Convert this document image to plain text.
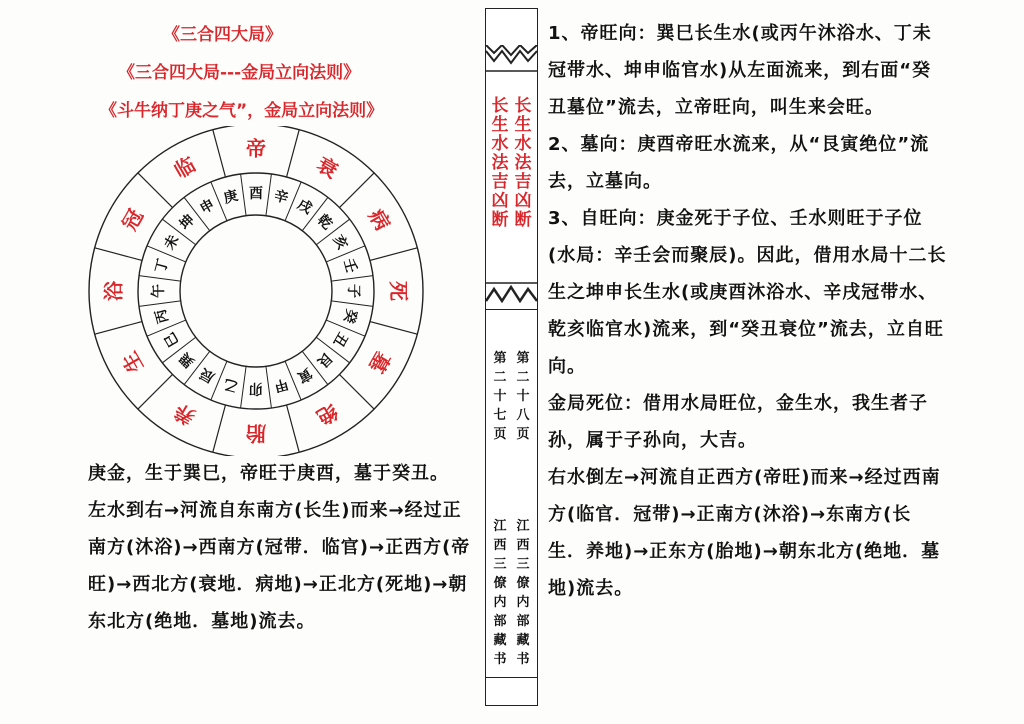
《三合四大局》
《三合四大局---金局立向法则》
《斗牛纳丁庚之气”，金局立向法则》
帝
衰
病
死
墓
绝
胎
养
生
浴
冠
临
酉 辛 戌
乾
亥
壬
子
癸
丑
艮
寅
甲
卯
乙
辰
巽
巳
丙
午
丁
未
坤
申 庚

庚金，生于巽巳，帝旺于庚酉，墓于癸丑。

左水到右→河流自东南方(长生)而来→经过正南方(沐浴)→西南方(冠带．临官)→正西方(帝旺)→西北方(衰地．病地)→正北方(死地)→朝东北方(绝地．墓地)流去。

长
生
水
法
吉
凶
断
长
生
水
法
吉
凶
断
第
二
十
八
页
第
二
十
七
页
江
西
三
僚
内
部
藏
书
江
西
三
僚
内
部
藏
书

1、帝旺向：巽巳长生水(或丙午沐浴水、丁未冠带水、坤申临官水)从左面流来，到右面“癸丑墓位”流去，立帝旺向，叫生来会旺。

2、墓向：庚酉帝旺水流来，从“艮寅绝位”流去，立墓向。

3、自旺向：庚金死于子位、壬水则旺于子位(水局：辛壬会而聚辰)。因此，借用水局十二长生之坤申长生水(或庚酉沐浴水、辛戌冠带水、乾亥临官水)流来，到“癸丑衰位”流去，立自旺向。

金局死位：借用水局旺位，金生水，我生者子孙，属于子孙向，大吉。

右水倒左→河流自正西方(帝旺)而来→经过西南方(临官．冠带)→正南方(沐浴)→东南方(长生．养地)→正东方(胎地)→朝东北方(绝地．墓地)流去。
